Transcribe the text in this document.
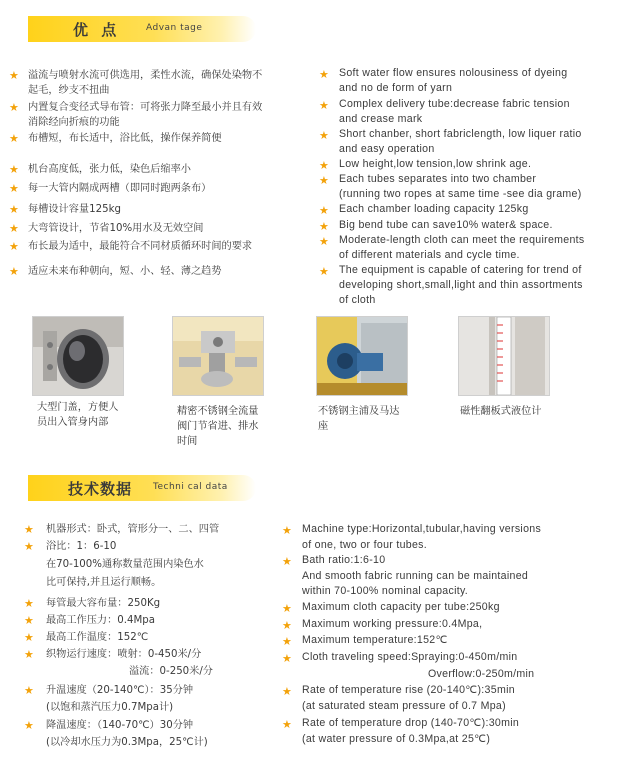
优 点	Advan tage
★ 溢流与喷射水流可供选用，柔性水流，确保处染物不
起毛，纱支不扭曲
★ 内置复合变径式导布管：可将张力降至最小并且有效
消除经向折痕的功能
★ 布槽短，布长适中，浴比低，操作保养简便
★ 机台高度低，张力低，染色后缩率小
★ 每一大管内隔成两槽（即同时跑两条布）
★ 每槽设计容量125kg
★ 大弯管设计，节省10%用水及无效空间
★ 布长最为适中，最能符合不同材质循环时间的要求
★ 适应未来布种朝向，短、小、轻、薄之趋势
★ Soft water flow ensures nolousiness of dyeing
and no de form of yarn
★ Complex delivery tube:decrease fabric tension
and crease mark
★ Short chanber, short fabriclength, low liquer ratio
and easy operation
★ Low height,low tension,low shrink age.
★ Each tubes separates into two chamber
(running two ropes at same time -see dia grame)
★ Each chamber loading capacity 125kg
★ Big bend tube can save10% water& space.
★ Moderate-length cloth can meet the requirements
of different materials and cycle time.
★ The equipment is capable of catering for trend of
developing short,small,light and thin assortments
of cloth
大型门盖，方便人
员出入管身内部
精密不锈钢全流量
阀门节省进、排水
时间
不锈钢主浦及马达
座
磁性翻板式液位计
技术数据 Techni cal data
★ 机器形式：卧式，管形分一、二、四管
★ 浴比：1：6-10
在70-100%通称数量范围内染色水
比可保持,并且运行顺畅。
★ 每管最大容布量：250Kg
★ 最高工作压力：0.4Mpa
★ 最高工作温度：152℃
★ 织物运行速度：喷射：0-450米/分
溢流：0-250米/分
★ 升温速度（20-140℃）：35分钟
(以饱和蒸汽压力0.7Mpa计)
★ 降温速度：（140-70℃）30分钟
(以冷却水压力为0.3Mpa，25℃计)
★ Machine type:Horizontal,tubular,having versions
of one, two or four tubes.
★ Bath ratio:1:6-10
And smooth fabric running can be maintained
within 70-100% nominal capacity.
★ Maximum cloth capacity per tube:250kg
★ Maximum working pressure:0.4Mpa,
★ Maximum temperature:152℃
★ Cloth traveling speed:Spraying:0-450m/min
Overflow:0-250m/min
★ Rate of temperature rise (20-140℃):35min
(at saturated steam pressure of 0.7 Mpa)
★ Rate of temperature drop (140-70℃):30min
(at water pressure of 0.3Mpa,at 25℃)
